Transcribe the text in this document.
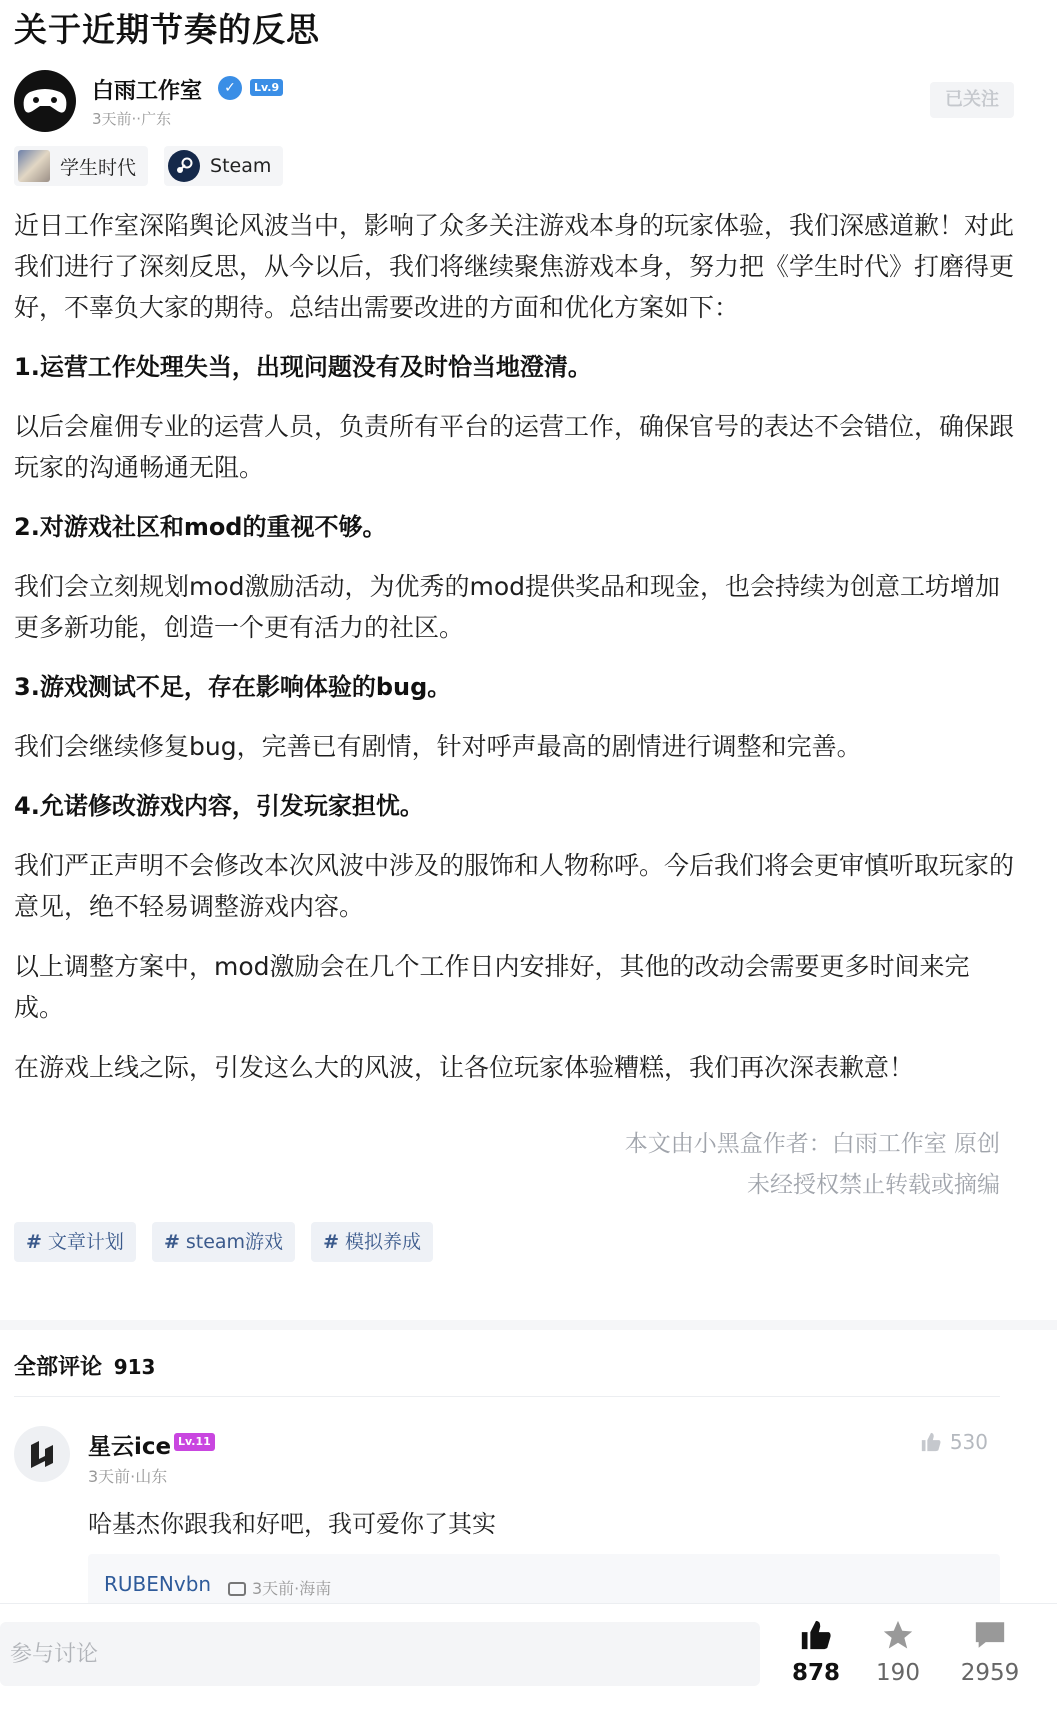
关于近期节奏的反思
白雨工作室	✓	Lv.9
3天前··广东
已关注
学生时代	Steam

近日工作室深陷舆论风波当中，影响了众多关注游戏本身的玩家体验，我们深感道歉！对此我们进行了深刻反思，从今以后，我们将继续聚焦游戏本身，努力把《学生时代》打磨得更好，不辜负大家的期待。总结出需要改进的方面和优化方案如下：

1.运营工作处理失当，出现问题没有及时恰当地澄清。

以后会雇佣专业的运营人员，负责所有平台的运营工作，确保官号的表达不会错位，确保跟玩家的沟通畅通无阻。

2.对游戏社区和mod的重视不够。

我们会立刻规划mod激励活动，为优秀的mod提供奖品和现金，也会持续为创意工坊增加更多新功能，创造一个更有活力的社区。

3.游戏测试不足，存在影响体验的bug。

我们会继续修复bug，完善已有剧情，针对呼声最高的剧情进行调整和完善。

4.允诺修改游戏内容，引发玩家担忧。

我们严正声明不会修改本次风波中涉及的服饰和人物称呼。今后我们将会更审慎听取玩家的意见，绝不轻易调整游戏内容。

以上调整方案中，mod激励会在几个工作日内安排好，其他的改动会需要更多时间来完成。

在游戏上线之际，引发这么大的风波，让各位玩家体验糟糕，我们再次深表歉意！

本文由小黑盒作者：白雨工作室 原创
未经授权禁止转载或摘编
# 文章计划	# steam游戏	# 模拟养成
全部评论 913
星云ice Lv.11
3天前·山东
530
哈基杰你跟我和好吧，我可爱你了其实
RUBENvbn	3天前·海南
参与讨论
878	190	2959
